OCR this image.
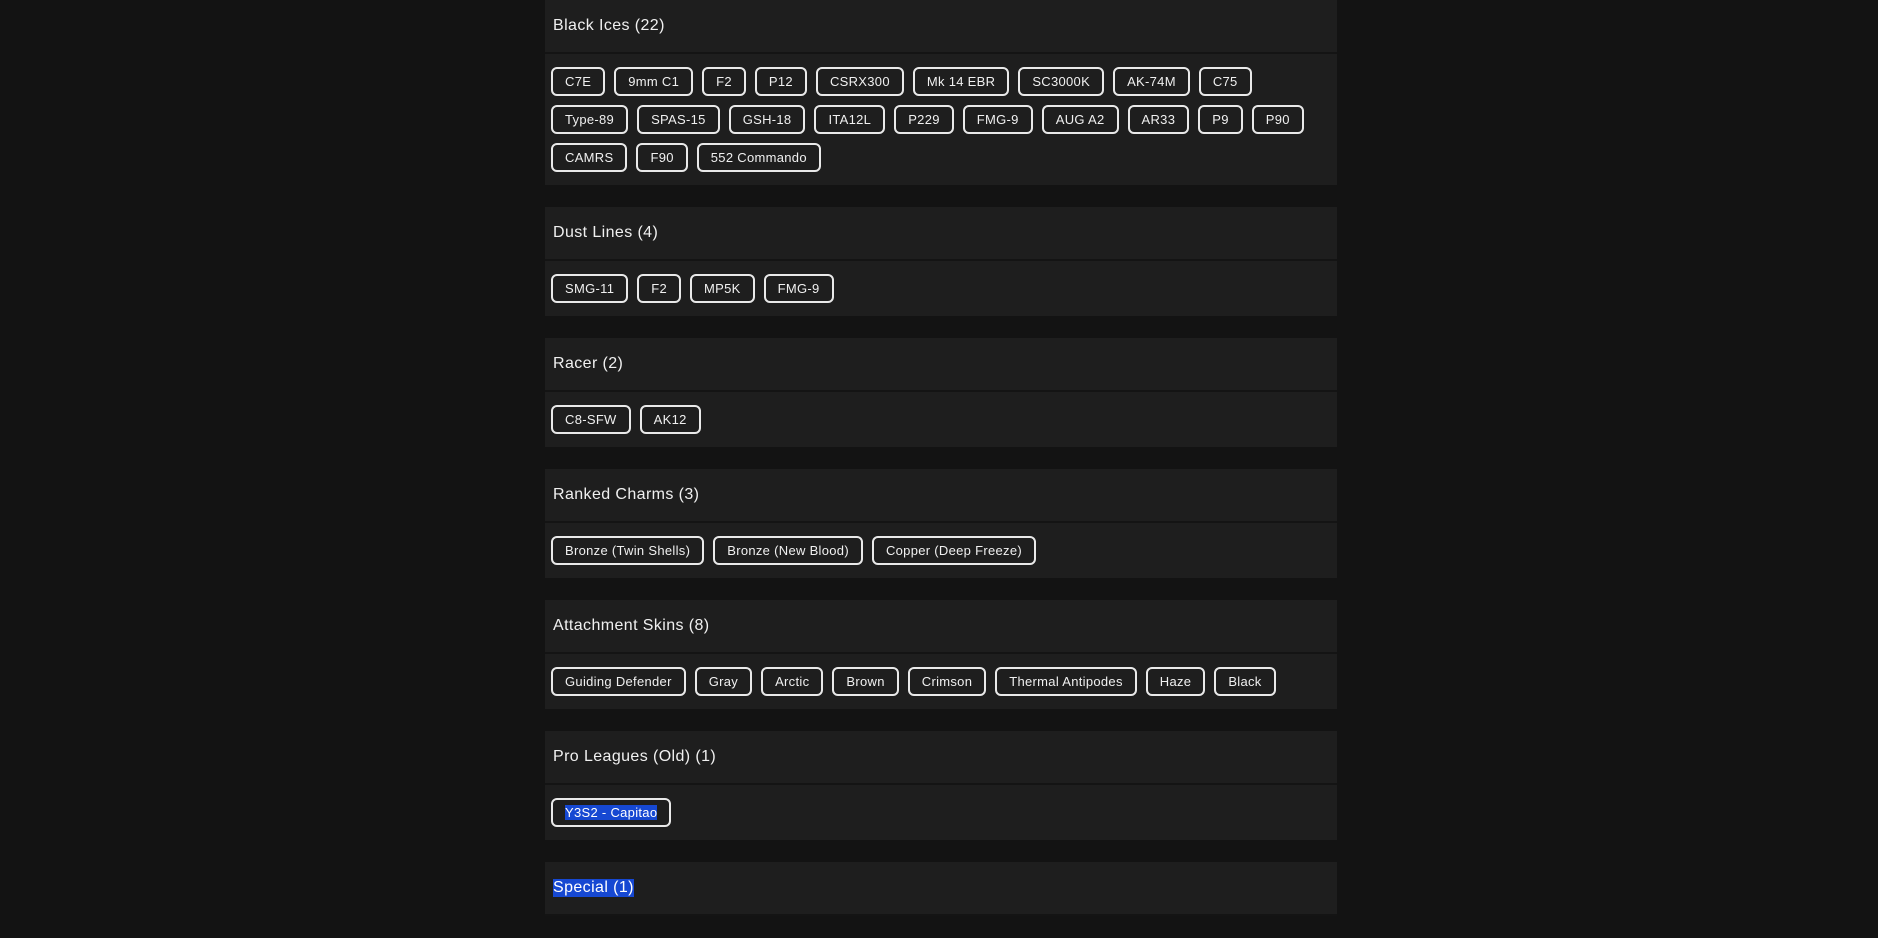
Black Ices (22)
C7E	9mm C1	F2	P12	CSRX300	Mk 14 EBR	SC3000K	AK-74M	C75
Type-89	SPAS-15	GSH-18	ITA12L	P229	FMG-9	AUG A2	AR33	P9	P90
CAMRS	F90	552 Commando
Dust Lines (4)
SMG-11	F2	MP5K	FMG-9
Racer (2)
C8-SFW	AK12
Ranked Charms (3)
Bronze (Twin Shells)	Bronze (New Blood)	Copper (Deep Freeze)
Attachment Skins (8)
Guiding Defender	Gray	Arctic	Brown	Crimson	Thermal Antipodes	Haze	Black
Pro Leagues (Old) (1)
Y3S2 - Capitao
Special (1)
